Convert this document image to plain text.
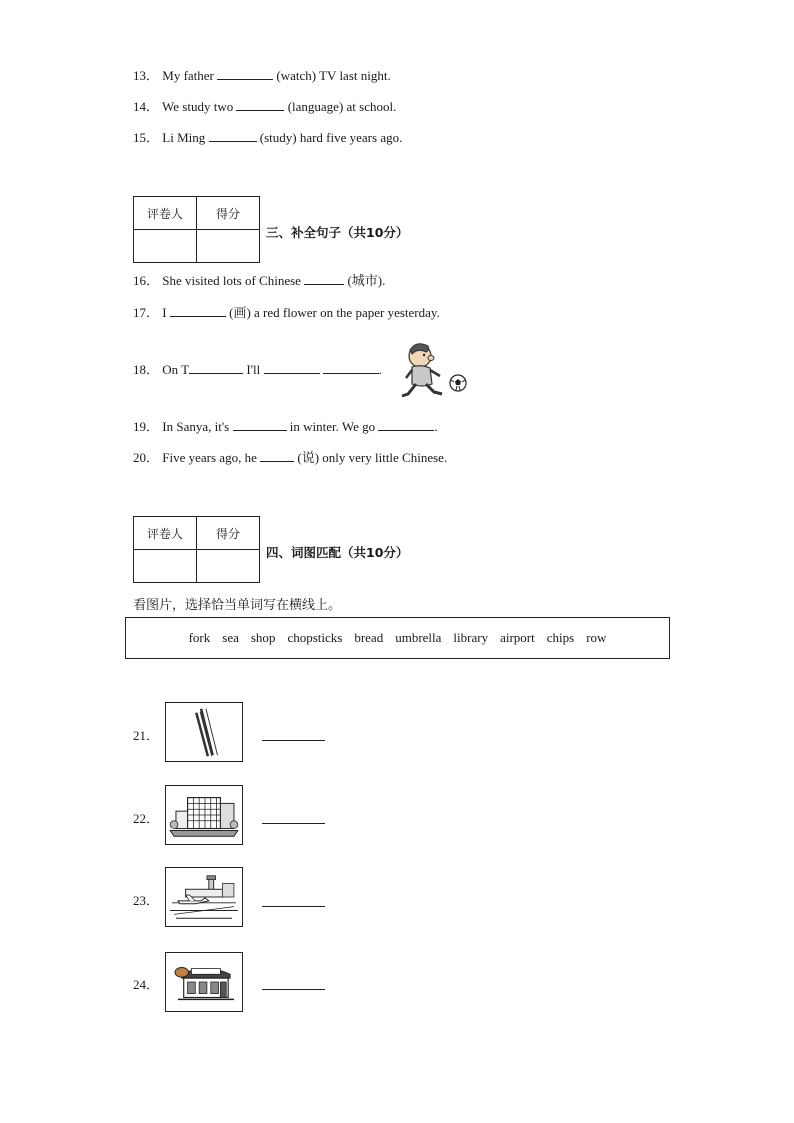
13． My father	(watch) TV last night.
14． We study two	(language) at school.
15． Li Ming	(study) hard five years ago.
评卷人	得分

三、补全句子（共10分）
16． She visited lots of Chinese	(城市).
17． I	(画) a red flower on the paper yesterday.
18． On T	I'll	.
19． In Sanya, it's	in winter. We go	.
20． Five years ago, he	(说) only very little Chinese.
评卷人	得分

四、词图匹配（共10分）
看图片，选择恰当单词写在横线上。
fork sea shop chopsticks bread umbrella library airport chips row
21．
22．
23．
24．
